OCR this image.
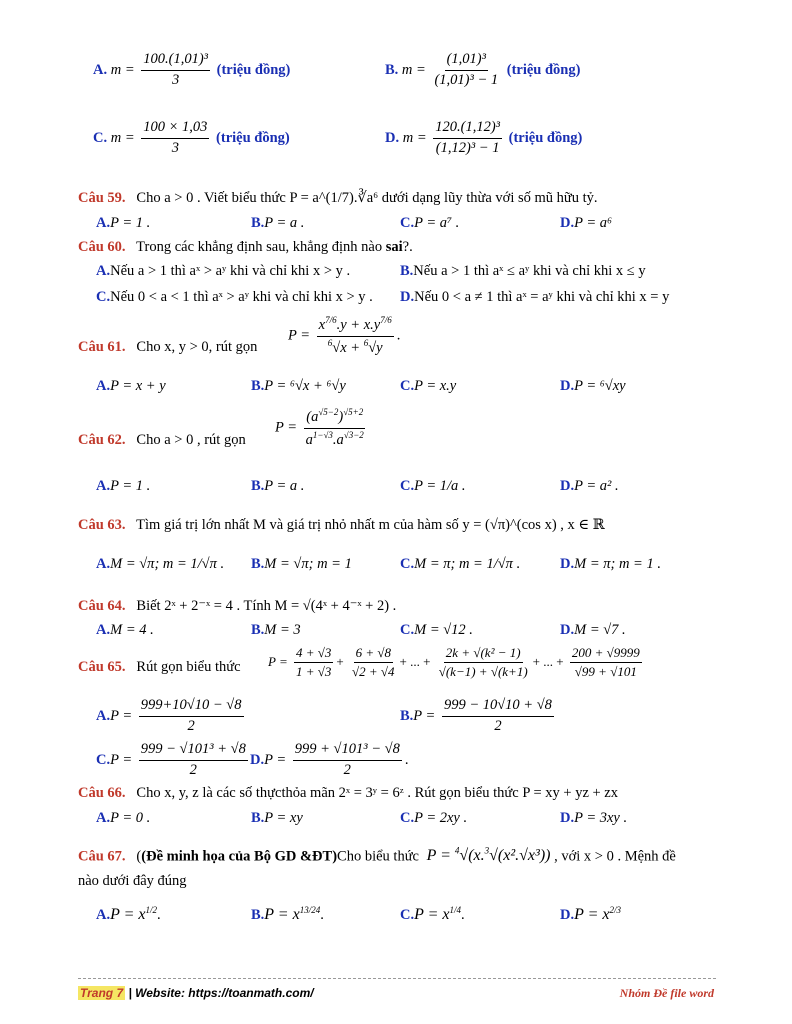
A. $m = \frac{\text{100.(1,01)³}}{3}$ (triệu đồng)	B. $m = \frac{\text{(1,01)³}}{\text{(1,01)³ − 1}}$ (triệu đồng)
C. $m = \frac{100 \times 1,03}{3}$ (triệu đồng)	D. $m = \frac{\text{120.(1,12)³}}{\text{(1,12)³ − 1}}$ (triệu đồng)
Câu 59. Cho a > 0 . Viết biểu thức P = a^(1/7).∛a⁶ dưới dạng lũy thừa với số mũ hữu tỷ.
A.P = 1 .	B.P = a .	C.P = a⁷ .	D.P = a⁶
Câu 60. Trong các khẳng định sau, khẳng định nào sai?.
A.Nếu a > 1 thì aˣ > aʸ khi và chỉ khi x > y .	B.Nếu a > 1 thì aˣ ≤ aʸ khi và chỉ khi x ≤ y
C.Nếu 0 < a < 1 thì aˣ > aʸ khi và chỉ khi x > y . D.Nếu 0 < a ≠ 1 thì aˣ = aʸ khi và chỉ khi x = y
Câu 61. Cho x, y > 0, rút gọn
$P = \frac{x^{7/6}.y + x.y^{7/6}}{^6√x + ^6√y}$ .
A.P = x + y	B.P = ⁶√x + ⁶√y	C.P = x.y	D.P = ⁶√xy
Câu 62. Cho a > 0 , rút gọn
$P = \frac{(a^{√5-2})^{√5+2}}{a^{1-√3}.a^{√3-2}}$
A.P = 1 .	B.P = a .	C.P = 1/a .	D.P = a² .
Câu 63. Tìm giá trị lớn nhất M và giá trị nhỏ nhất m của hàm số y = (√π)^(cos x) , x ∈ ℝ
A.M = √π; m = 1/√π . B.M = √π; m = 1	C.M = π; m = 1/√π .	D.M = π; m = 1 .
Câu 64. Biết 2ˣ + 2⁻ˣ = 4 . Tính M = √(4ˣ + 4⁻ˣ + 2) .
A.M = 4 .	B.M = 3	C.M = √12 .	D.M = √7 .
Câu 65. Rút gọn biểu thức $P = \frac{4 + √3}{1 + √3} + \frac{6 + √8}{√2 + √4}$ + ... + $\frac{\text{2k + √(k² − 1)}}{√(k-1) + √(k+1)}$ + ... + $\frac{200 + √9999}{√99 + √101}$
$A.P = \frac{999+10√10 - √8}{2}$	$B.P = \frac{999 - 10√10 + √8}{2}$
$C.P = \frac{\text{999 − √101³ + √8}}{2} D.P = \frac{\text{999 + √101³ − √8}}{2}$ .
Câu 66. Cho x, y, z là các số thựcthỏa mãn 2ˣ = 3ʸ = 6ᶻ . Rút gọn biểu thức P = xy + yz + zx
A.P = 0 .	B.P = xy	C.P = 2xy .	D.P = 3xy .
Câu 67.   ((Đề minh họa của Bộ GD &ĐT)Cho biểu thức  P = $^4$√(x.$^3$√(x².√x³)) , với x > 0 . Mệnh đề
nào dưới đây đúng
$A.P = x^{1/2}$.	$B.P = x^{13/24}$.	$C.P = x^{1/4}$.	$D.P = x^{2/3}$
Trang 7 | Website: https://toanmath.com/	Nhóm Đề file word
